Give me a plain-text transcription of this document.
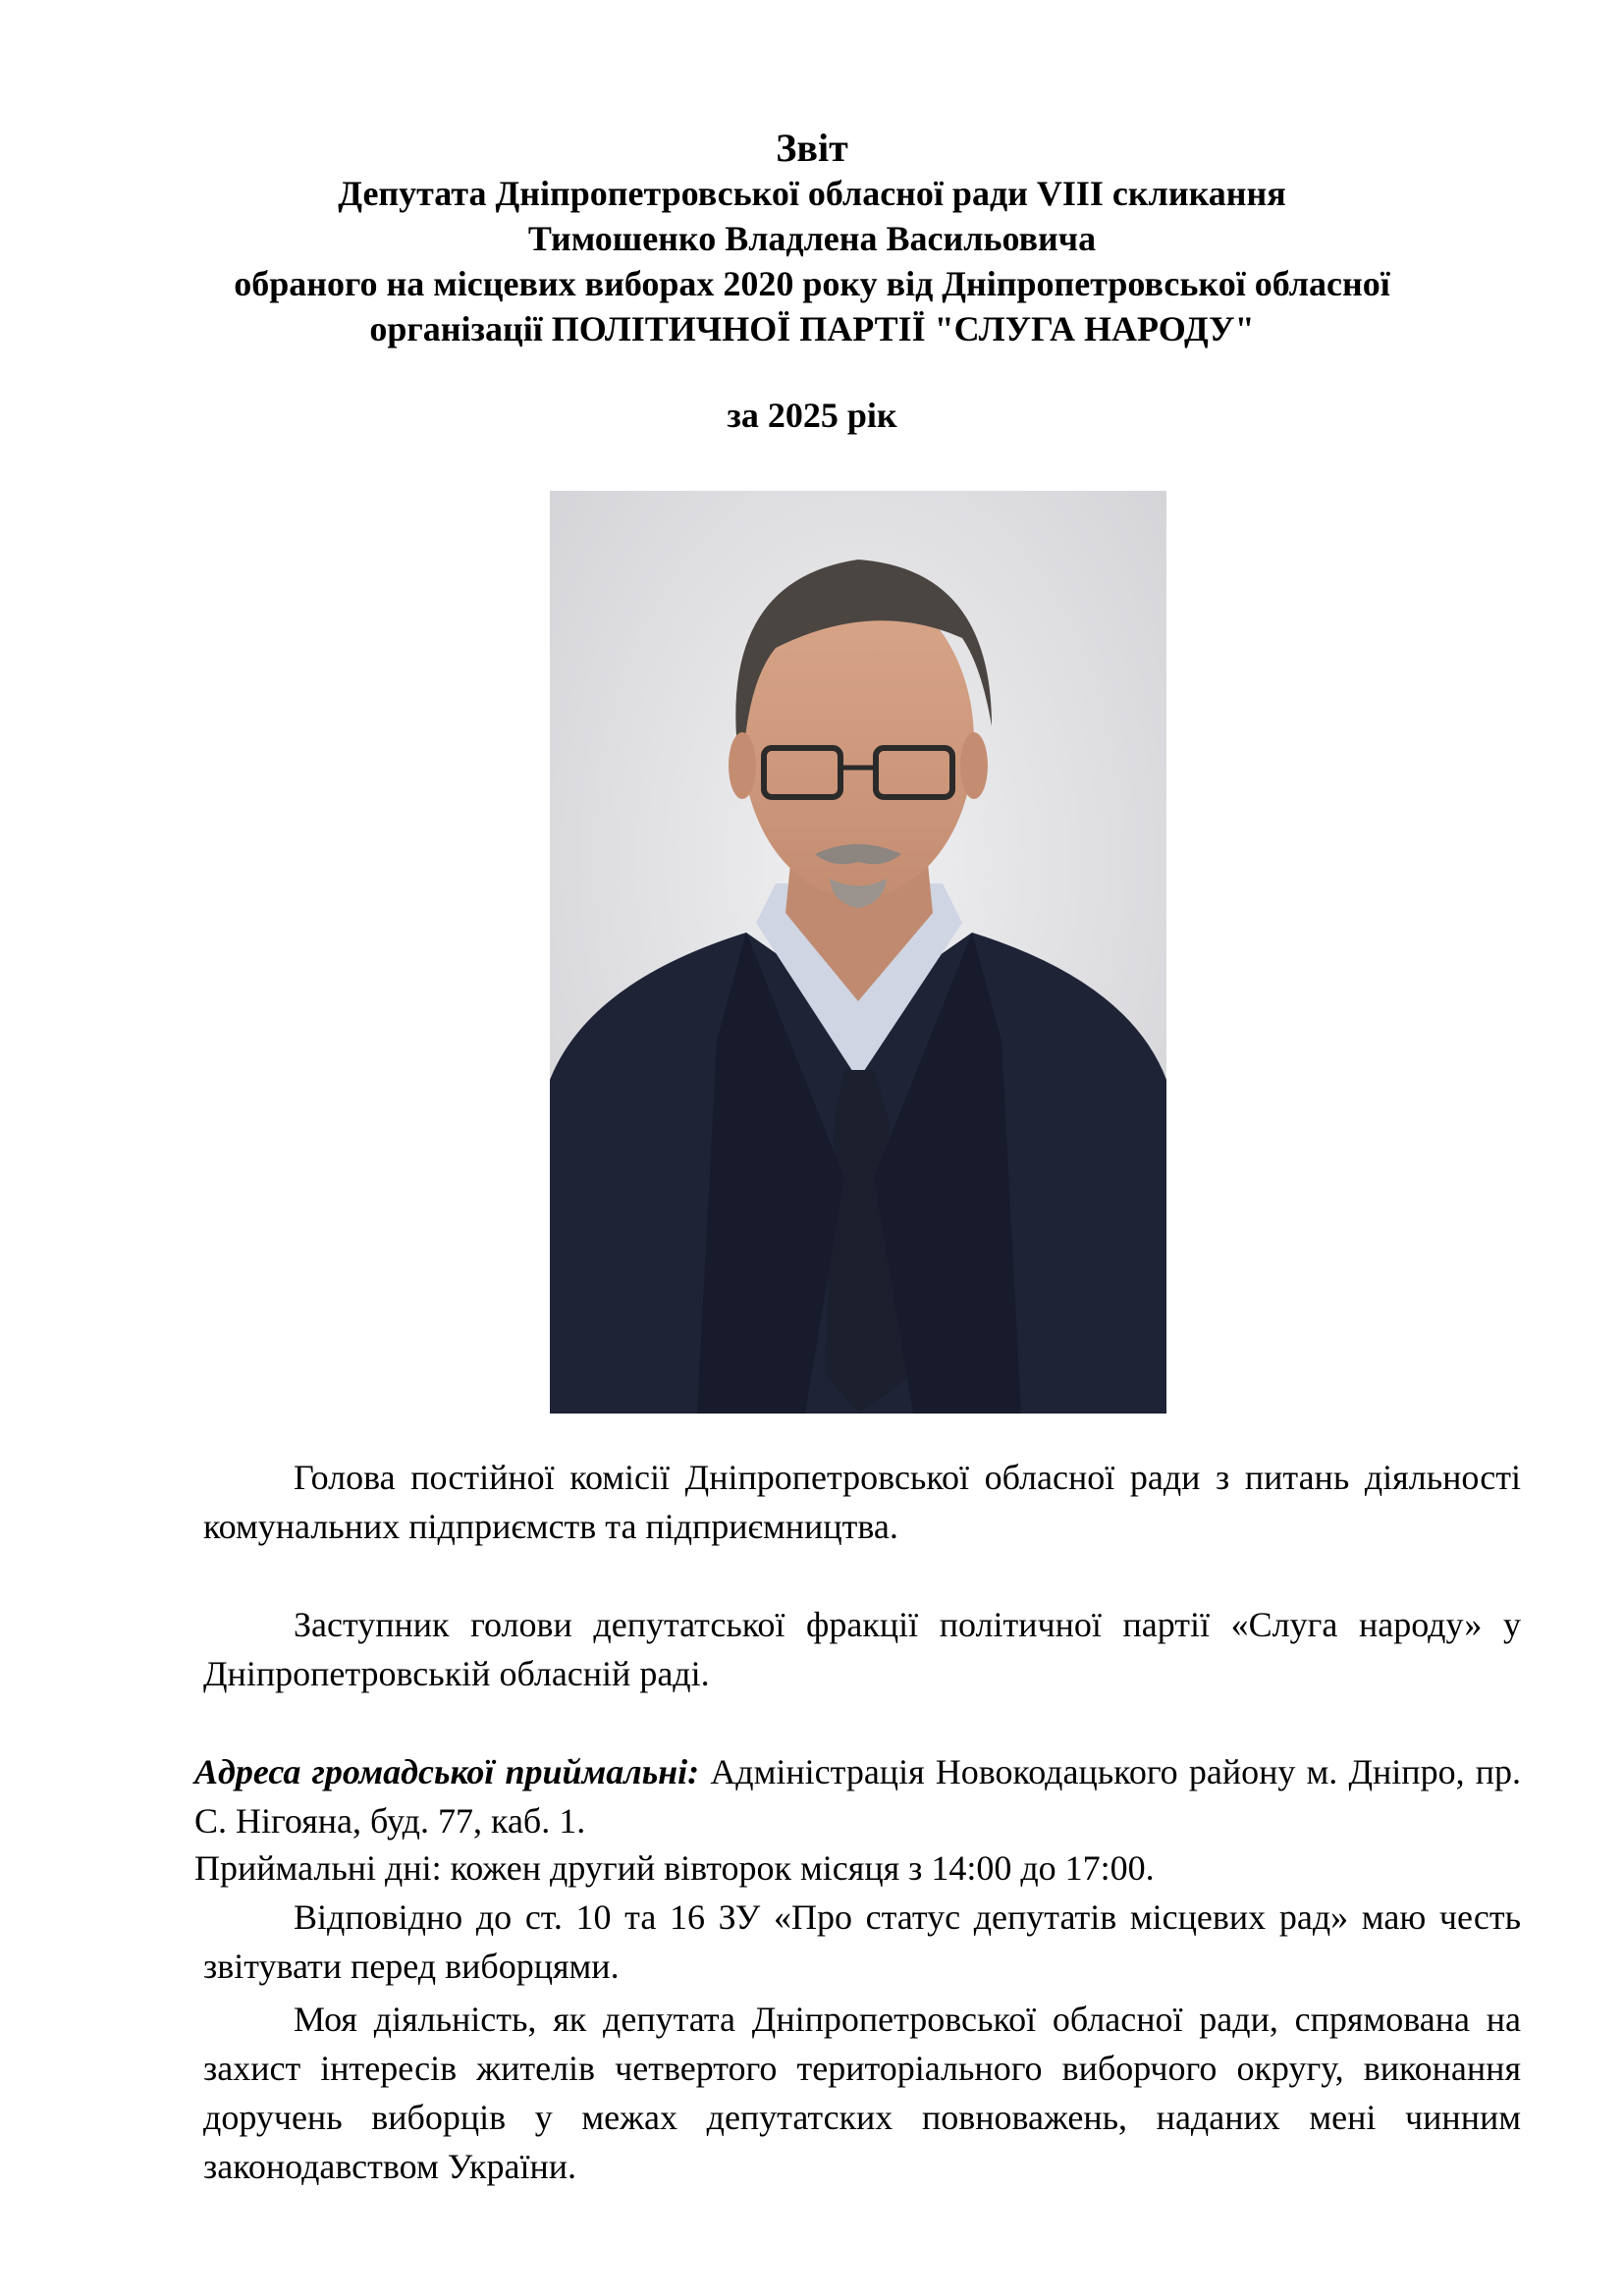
Звіт
Депутата Дніпропетровської обласної ради VIII скликання
Тимошенко Владлена Васильовича
обраного на місцевих виборах 2020 року від Дніпропетровської обласної
організації ПОЛІТИЧНОЇ ПАРТІЇ "СЛУГА НАРОДУ"
за 2025 рік
Голова постійної комісії Дніпропетровської обласної ради з питань діяльності комунальних підприємств та підприємництва.
Заступник голови депутатської фракції політичної партії «Слуга народу» у Дніпропетровській обласній раді.
Адреса громадської приймальні: Адміністрація Новокодацького району м. Дніпро, пр. С. Нігояна, буд. 77, каб. 1.
Приймальні дні: кожен другий вівторок місяця з 14:00 до 17:00.
Відповідно до ст. 10 та 16 ЗУ «Про статус депутатів місцевих рад» маю честь звітувати перед виборцями.
Моя діяльність, як депутата Дніпропетровської обласної ради, спрямована на захист інтересів жителів четвертого територіального виборчого округу, виконання доручень виборців у межах депутатских повноважень, наданих мені чинним законодавством України.
